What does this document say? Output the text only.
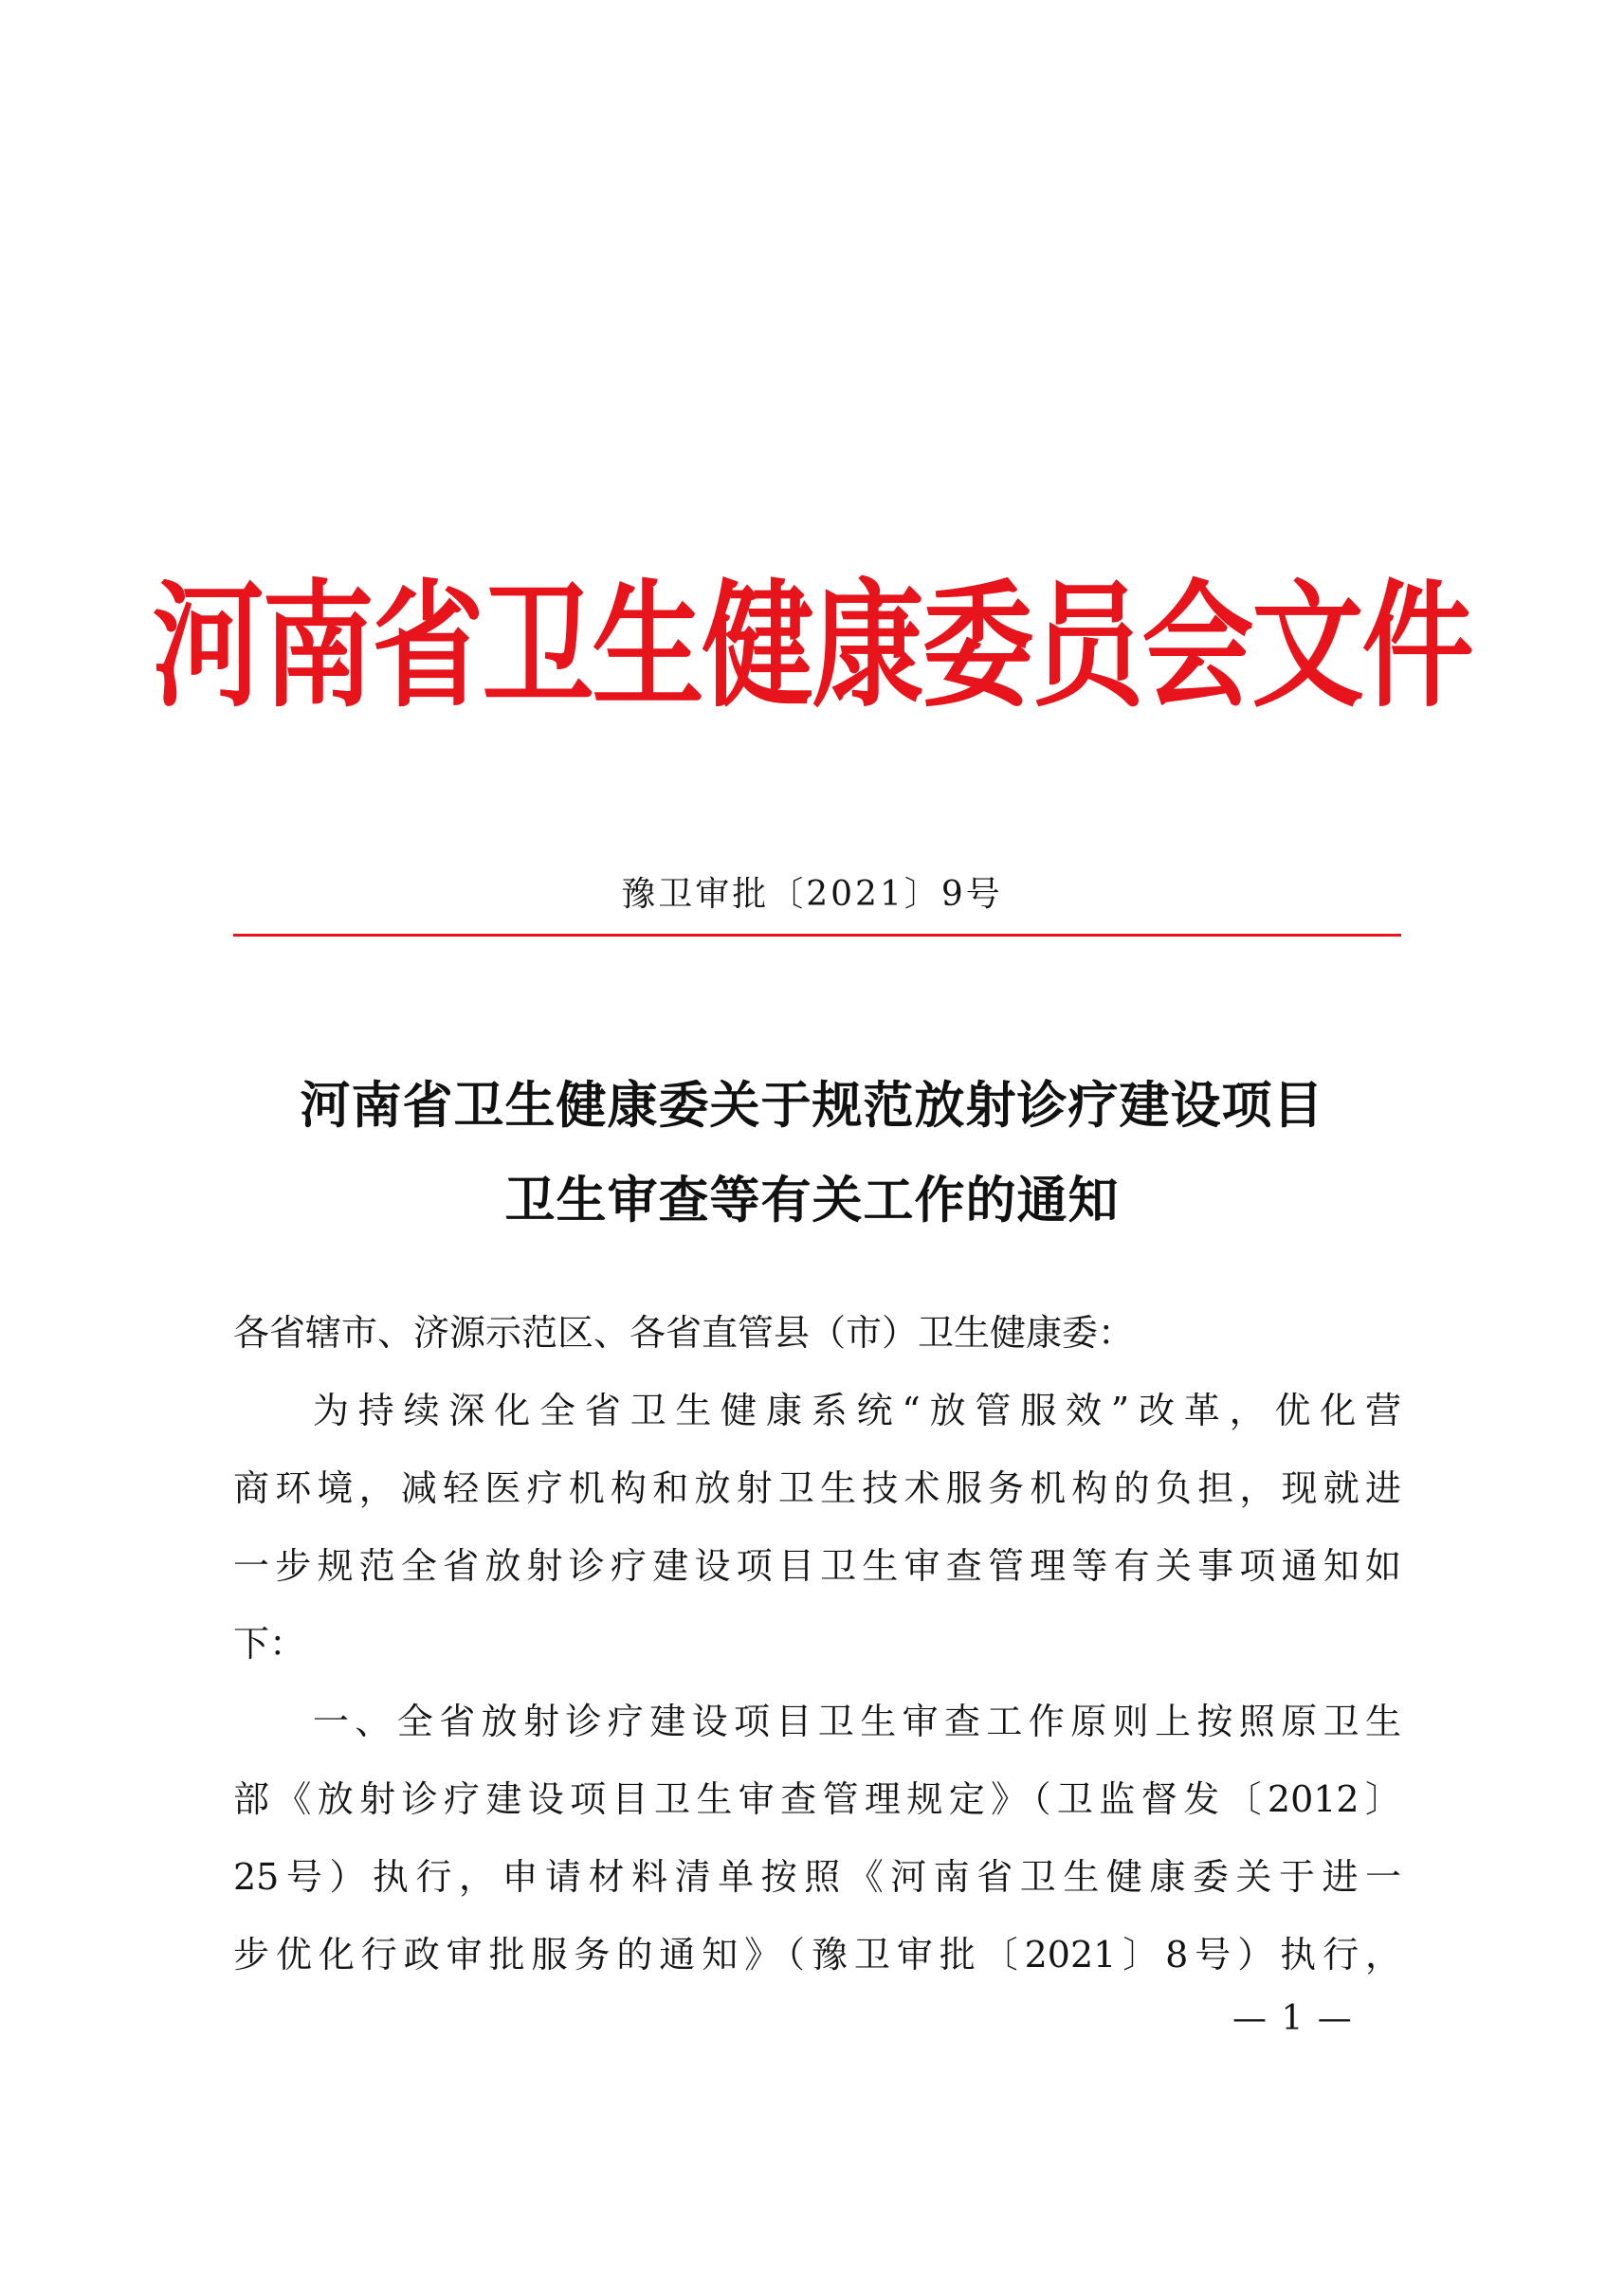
河南省卫生健康委员会文件
豫卫审批〔2021〕9号
河南省卫生健康委关于规范放射诊疗建设项目
卫生审查等有关工作的通知
各省辖市、济源示范区、各省直管县（市）卫生健康委：
为持续深化全省卫生健康系统“放管服效”改革，优化营
商环境，减轻医疗机构和放射卫生技术服务机构的负担，现就进
一步规范全省放射诊疗建设项目卫生审查管理等有关事项通知如
下：
一、全省放射诊疗建设项目卫生审查工作原则上按照原卫生
部《放射诊疗建设项目卫生审查管理规定》（卫监督发〔2012〕
25号）执行，申请材料清单按照《河南省卫生健康委关于进一
步优化行政审批服务的通知》（豫卫审批〔2021〕8号）执行，
— 1 —
